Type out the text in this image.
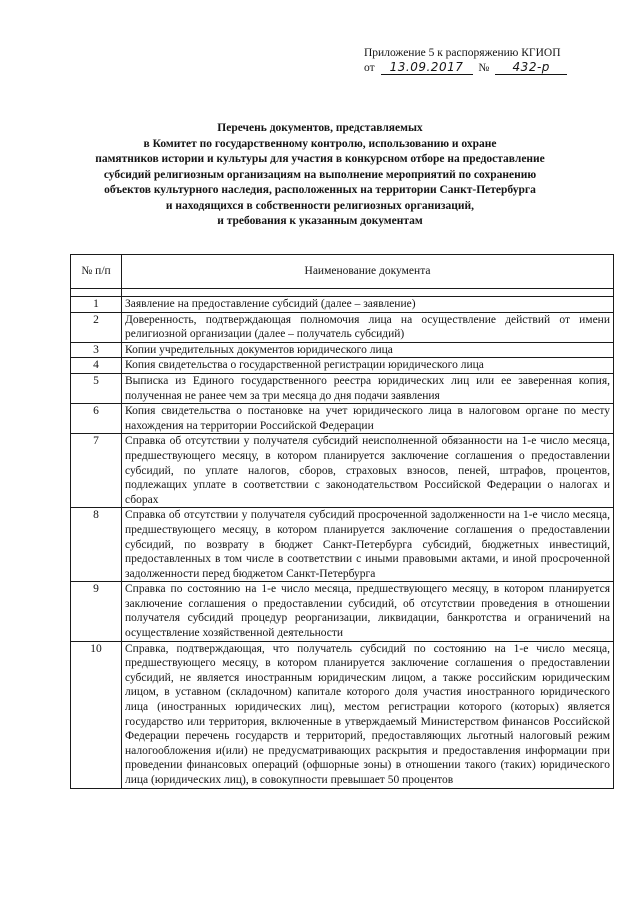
Приложение 5 к распоряжению КГИОП
от 13.09.2017 № 432-р
Перечень документов, представляемых
в Комитет по государственному контролю, использованию и охране
памятников истории и культуры для участия в конкурсном отборе на предоставление
субсидий религиозным организациям на выполнение мероприятий по сохранению
объектов культурного наследия, расположенных на территории Санкт-Петербурга
и находящихся в собственности религиозных организаций,
и требования к указанным документам
№ п/п	Наименование документа

1	Заявление на предоставление субсидий (далее – заявление)
2	Доверенность, подтверждающая полномочия лица на осуществление действий от имени религиозной организации (далее – получатель субсидий)
3	Копии учредительных документов юридического лица
4	Копия свидетельства о государственной регистрации юридического лица
5	Выписка из Единого государственного реестра юридических лиц или ее заверенная копия, полученная не ранее чем за три месяца до дня подачи заявления
6	Копия свидетельства о постановке на учет юридического лица в налоговом органе по месту нахождения на территории Российской Федерации
7	Справка об отсутствии у получателя субсидий неисполненной обязанности на 1-е число месяца, предшествующего месяцу, в котором планируется заключение соглашения о предоставлении субсидий, по уплате налогов, сборов, страховых взносов, пеней, штрафов, процентов, подлежащих уплате в соответствии с законодательством Российской Федерации о налогах и сборах
8	Справка об отсутствии у получателя субсидий просроченной задолженности на 1-е число месяца, предшествующего месяцу, в котором планируется заключение соглашения о предоставлении субсидий, по возврату в бюджет Санкт-Петербурга субсидий, бюджетных инвестиций, предоставленных в том числе в соответствии с иными правовыми актами, и иной просроченной задолженности перед бюджетом Санкт-Петербурга
9	Справка по состоянию на 1-е число месяца, предшествующего месяцу, в котором планируется заключение соглашения о предоставлении субсидий, об отсутствии проведения в отношении получателя субсидий процедур реорганизации, ликвидации, банкротства и ограничений на осуществление хозяйственной деятельности
10	Справка, подтверждающая, что получатель субсидий по состоянию на 1-е число месяца, предшествующего месяцу, в котором планируется заключение соглашения о предоставлении субсидий, не является иностранным юридическим лицом, а также российским юридическим лицом, в уставном (складочном) капитале которого доля участия иностранного юридического лица (иностранных юридических лиц), местом регистрации которого (которых) является государство или территория, включенные в утверждаемый Министерством финансов Российской Федерации перечень государств и территорий, предоставляющих льготный налоговый режим налогообложения и(или) не предусматривающих раскрытия и предоставления информации при проведении финансовых операций (офшорные зоны) в отношении такого (таких) юридического лица (юридических лиц), в совокупности превышает 50 процентов
